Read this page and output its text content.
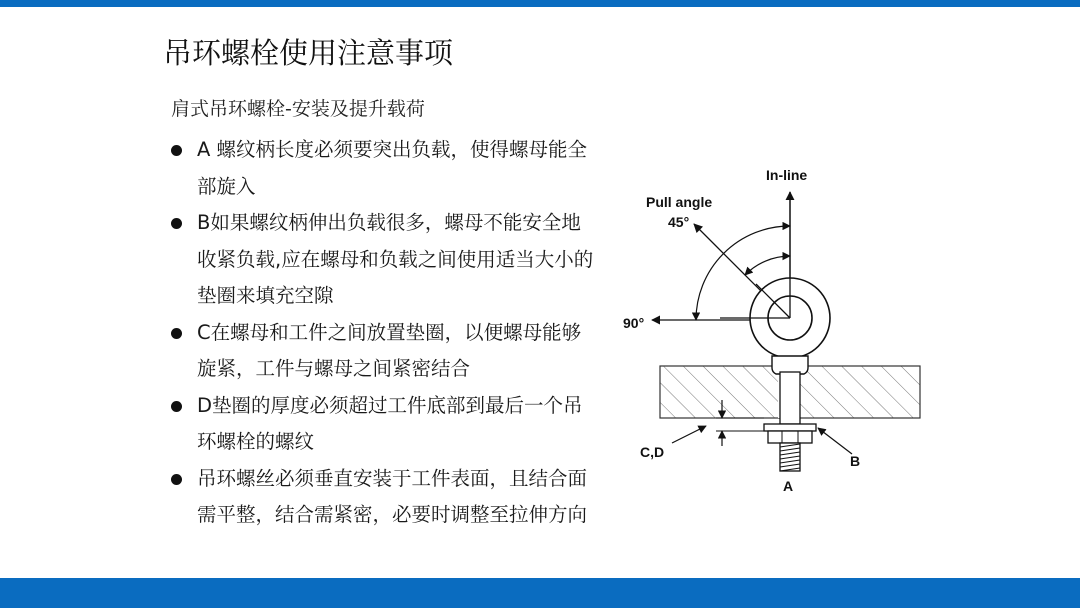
吊环螺栓使用注意事项
肩式吊环螺栓-安装及提升载荷
A 螺纹柄长度必须要突出负载，使得螺母能全
部旋入
B如果螺纹柄伸出负载很多，螺母不能安全地
收紧负载,应在螺母和负载之间使用适当大小的
垫圈来填充空隙
C在螺母和工件之间放置垫圈，以便螺母能够
旋紧，工件与螺母之间紧密结合
D垫圈的厚度必须超过工件底部到最后一个吊
环螺栓的螺纹
吊环螺丝必须垂直安装于工件表面，且结合面
需平整，结合需紧密，必要时调整至拉伸方向
In-line
Pull angle
45°
90°
C,D
B
A
